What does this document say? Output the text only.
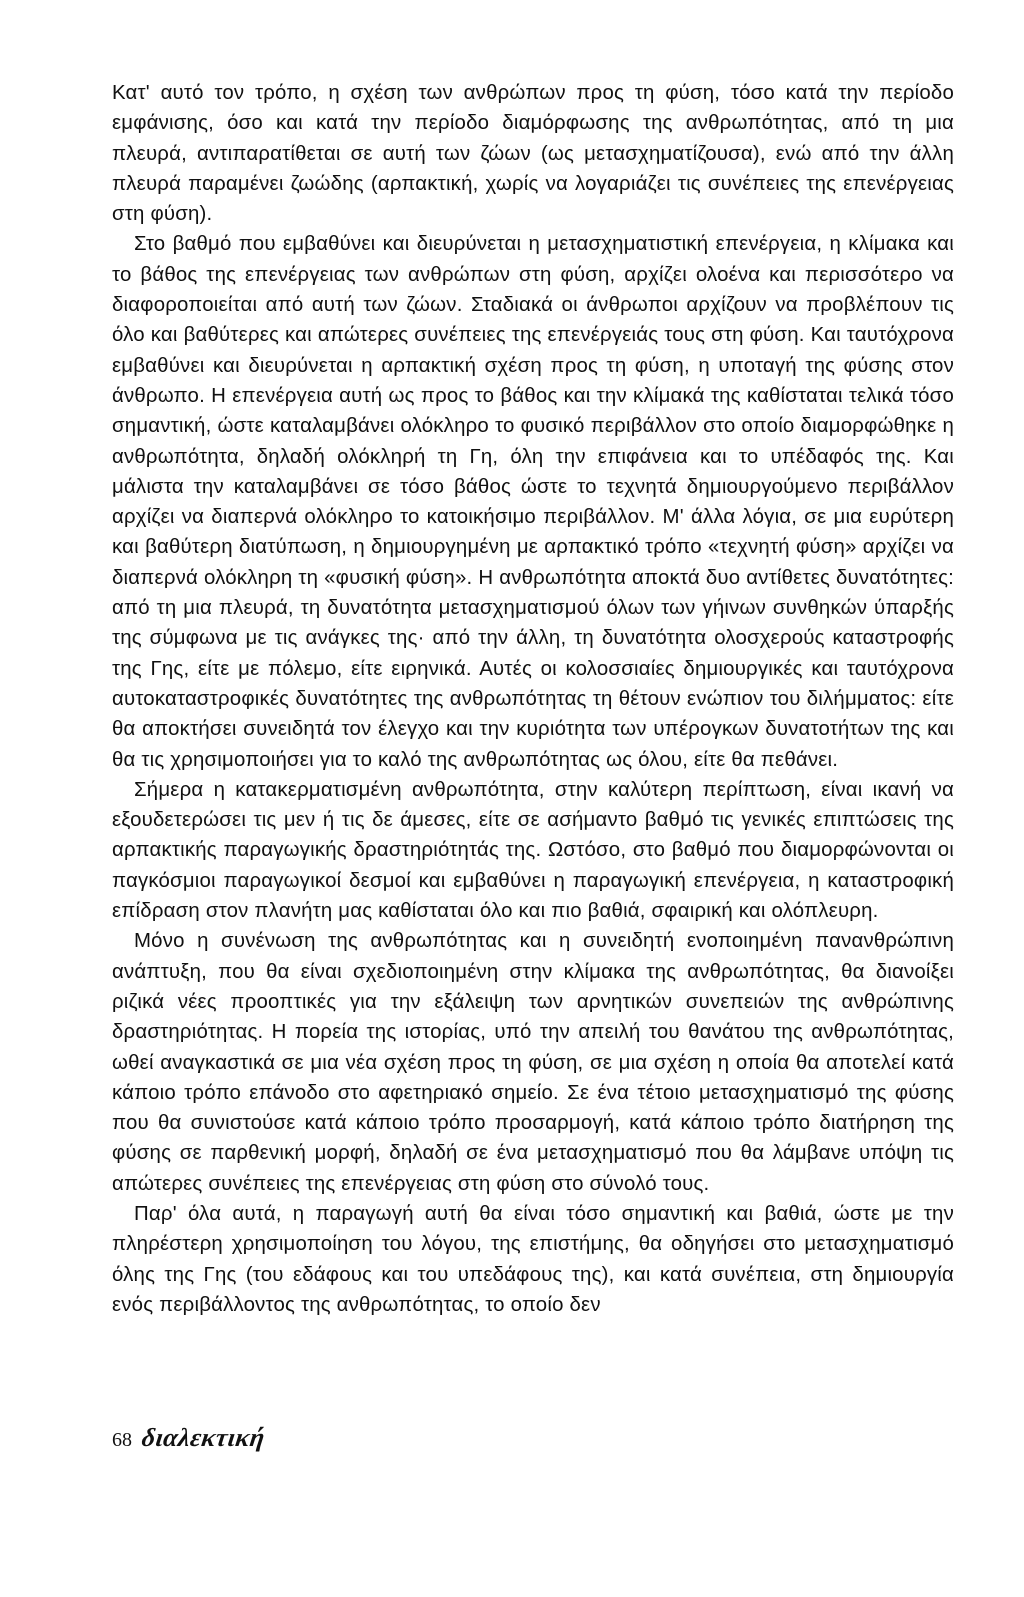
Κατ' αυτό τον τρόπο, η σχέση των ανθρώπων προς τη φύση, τόσο κατά την περίοδο εμφάνισης, όσο και κατά την περίοδο διαμόρφωσης της ανθρωπότητας, από τη μια πλευρά, αντιπαρατίθεται σε αυτή των ζώων (ως μετασχηματίζουσα), ενώ από την άλλη πλευρά παραμένει ζωώδης (αρπακτική, χωρίς να λογαριάζει τις συνέπειες της επενέργειας στη φύση).

Στο βαθμό που εμβαθύνει και διευρύνεται η μετασχηματιστική επενέργεια, η κλίμακα και το βάθος της επενέργειας των ανθρώπων στη φύση, αρχίζει ολοένα και περισσότερο να διαφοροποιείται από αυτή των ζώων. Σταδιακά οι άνθρωποι αρχίζουν να προβλέπουν τις όλο και βαθύτερες και απώτερες συνέπειες της επενέργειάς τους στη φύση. Και ταυτόχρονα εμβαθύνει και διευρύνεται η αρπακτική σχέση προς τη φύση, η υποταγή της φύσης στον άνθρωπο. Η επενέργεια αυτή ως προς το βάθος και την κλίμακά της καθίσταται τελικά τόσο σημαντική, ώστε καταλαμβάνει ολόκληρο το φυσικό περιβάλλον στο οποίο διαμορφώθηκε η ανθρωπότητα, δηλαδή ολόκληρή τη Γη, όλη την επιφάνεια και το υπέδαφός της. Και μάλιστα την καταλαμβάνει σε τόσο βάθος ώστε το τεχνητά δημιουργούμενο περιβάλλον αρχίζει να διαπερνά ολόκληρο το κατοικήσιμο περιβάλλον. Μ' άλλα λόγια, σε μια ευρύτερη και βαθύτερη διατύπωση, η δημιουργημένη με αρπακτικό τρόπο «τεχνητή φύση» αρχίζει να διαπερνά ολόκληρη τη «φυσική φύση». Η ανθρωπότητα αποκτά δυο αντίθετες δυνατότητες: από τη μια πλευρά, τη δυνατότητα μετασχηματισμού όλων των γήινων συνθηκών ύπαρξής της σύμφωνα με τις ανάγκες της· από την άλλη, τη δυνατότητα ολοσχερούς καταστροφής της Γης, είτε με πόλεμο, είτε ειρηνικά. Αυτές οι κολοσσιαίες δημιουργικές και ταυτόχρονα αυτοκαταστροφικές δυνατότητες της ανθρωπότητας τη θέτουν ενώπιον του διλήμματος: είτε θα αποκτήσει συνειδητά τον έλεγχο και την κυριότητα των υπέρογκων δυνατοτήτων της και θα τις χρησιμοποιήσει για το καλό της ανθρωπότητας ως όλου, είτε θα πεθάνει.

Σήμερα η κατακερματισμένη ανθρωπότητα, στην καλύτερη περίπτωση, είναι ικανή να εξουδετερώσει τις μεν ή τις δε άμεσες, είτε σε ασήμαντο βαθμό τις γενικές επιπτώσεις της αρπακτικής παραγωγικής δραστηριότητάς της. Ωστόσο, στο βαθμό που διαμορφώνονται οι παγκόσμιοι παραγωγικοί δεσμοί και εμβαθύνει η παραγωγική επενέργεια, η καταστροφική επίδραση στον πλανήτη μας καθίσταται όλο και πιο βαθιά, σφαιρική και ολόπλευρη.

Μόνο η συνένωση της ανθρωπότητας και η συνειδητή ενοποιημένη πανανθρώπινη ανάπτυξη, που θα είναι σχεδιοποιημένη στην κλίμακα της ανθρωπότητας, θα διανοίξει ριζικά νέες προοπτικές για την εξάλειψη των αρνητικών συνεπειών της ανθρώπινης δραστηριότητας. Η πορεία της ιστορίας, υπό την απειλή του θανάτου της ανθρωπότητας, ωθεί αναγκαστικά σε μια νέα σχέση προς τη φύση, σε μια σχέση η οποία θα αποτελεί κατά κάποιο τρόπο επάνοδο στο αφετηριακό σημείο. Σε ένα τέτοιο μετασχηματισμό της φύσης που θα συνιστούσε κατά κάποιο τρόπο προσαρμογή, κατά κάποιο τρόπο διατήρηση της φύσης σε παρθενική μορφή, δηλαδή σε ένα μετασχηματισμό που θα λάμβανε υπόψη τις απώτερες συνέπειες της επενέργειας στη φύση στο σύνολό τους.

Παρ' όλα αυτά, η παραγωγή αυτή θα είναι τόσο σημαντική και βαθιά, ώστε με την πληρέστερη χρησιμοποίηση του λόγου, της επιστήμης, θα οδηγήσει στο μετασχηματισμό όλης της Γης (του εδάφους και του υπεδάφους της), και κατά συνέπεια, στη δημιουργία ενός περιβάλλοντος της ανθρωπότητας, το οποίο δεν

68 διαλεκτική
